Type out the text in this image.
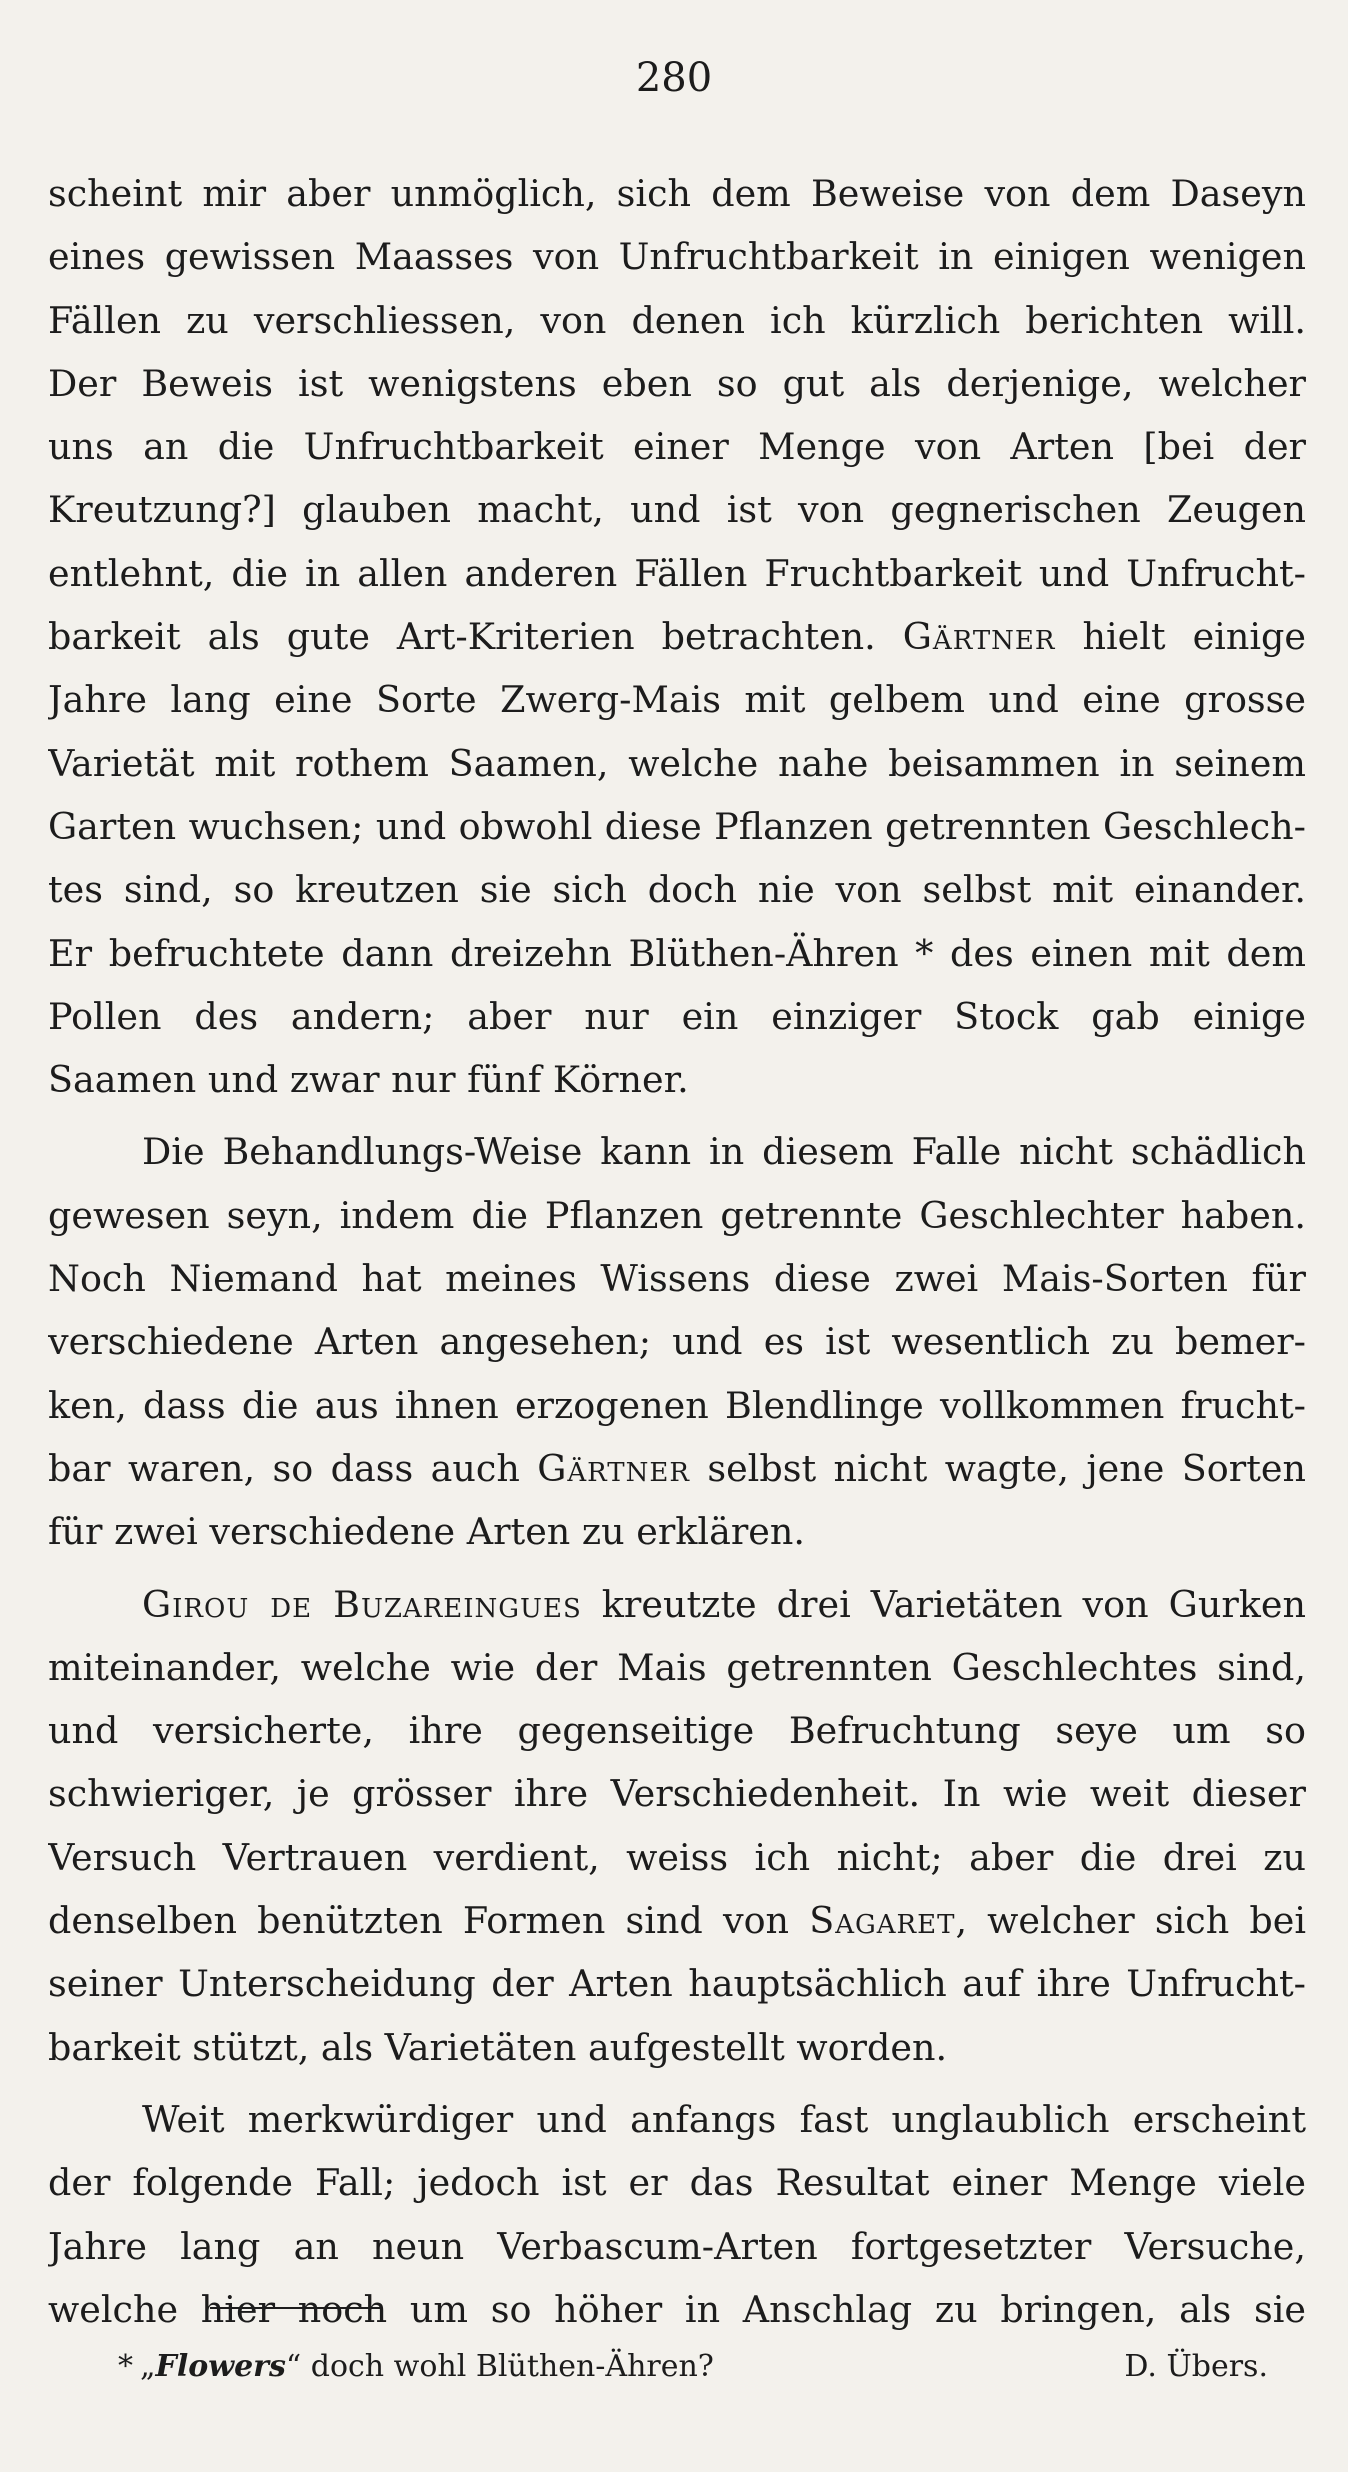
280
scheint mir aber unmöglich, sich dem Beweise von dem Daseyn
eines gewissen Maasses von Unfruchtbarkeit in einigen wenigen
Fällen zu verschliessen, von denen ich kürzlich berichten will.
Der Beweis ist wenigstens eben so gut als derjenige, welcher
uns an die Unfruchtbarkeit einer Menge von Arten [bei der
Kreutzung?] glauben macht, und ist von gegnerischen Zeugen
entlehnt, die in allen anderen Fällen Fruchtbarkeit und Unfrucht-
barkeit als gute Art-Kriterien betrachten. Gärtner hielt einige
Jahre lang eine Sorte Zwerg-Mais mit gelbem und eine grosse
Varietät mit rothem Saamen, welche nahe beisammen in seinem
Garten wuchsen; und obwohl diese Pflanzen getrennten Geschlech-
tes sind, so kreutzen sie sich doch nie von selbst mit einander.
Er befruchtete dann dreizehn Blüthen-Ähren * des einen mit dem
Pollen des andern; aber nur ein einziger Stock gab einige
Saamen und zwar nur fünf Körner.
Die Behandlungs-Weise kann in diesem Falle nicht schädlich
gewesen seyn, indem die Pflanzen getrennte Geschlechter haben.
Noch Niemand hat meines Wissens diese zwei Mais-Sorten für
verschiedene Arten angesehen; und es ist wesentlich zu bemer-
ken, dass die aus ihnen erzogenen Blendlinge vollkommen frucht-
bar waren, so dass auch Gärtner selbst nicht wagte, jene Sorten
für zwei verschiedene Arten zu erklären.
Girou de Buzareingues kreutzte drei Varietäten von Gurken
miteinander, welche wie der Mais getrennten Geschlechtes sind,
und versicherte, ihre gegenseitige Befruchtung seye um so
schwieriger, je grösser ihre Verschiedenheit. In wie weit dieser
Versuch Vertrauen verdient, weiss ich nicht; aber die drei zu
denselben benützten Formen sind von Sagaret, welcher sich bei
seiner Unterscheidung der Arten hauptsächlich auf ihre Unfrucht-
barkeit stützt, als Varietäten aufgestellt worden.
Weit merkwürdiger und anfangs fast unglaublich erscheint
der folgende Fall; jedoch ist er das Resultat einer Menge viele
Jahre lang an neun Verbascum-Arten fortgesetzter Versuche,
welche hier noch um so höher in Anschlag zu bringen, als sie
* „Flowers“ doch wohl Blüthen-Ähren?	D. Übers.
